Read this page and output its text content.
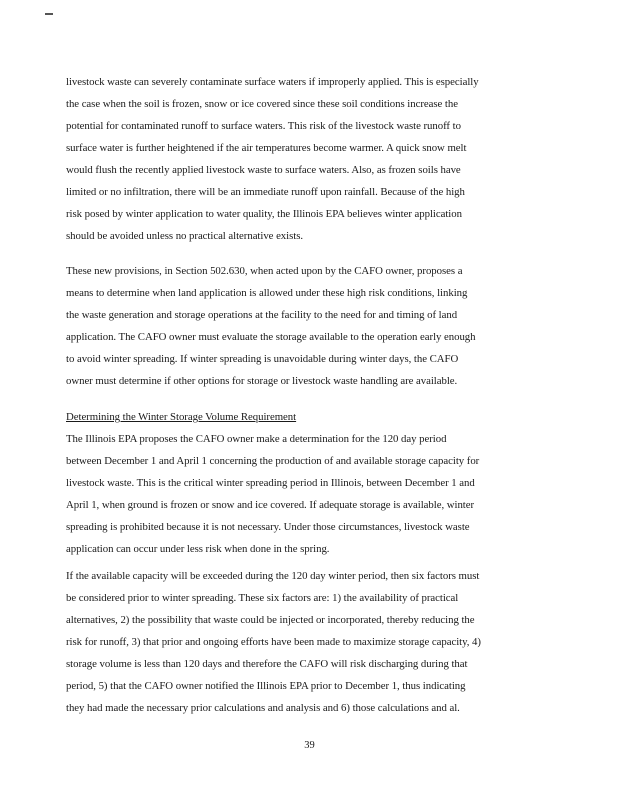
livestock waste can severely contaminate surface waters if improperly applied. This is especially
the case when the soil is frozen, snow or ice covered since these soil conditions increase the
potential for contaminated runoff to surface waters. This risk of the livestock waste runoff to
surface water is further heightened if the air temperatures become warmer. A quick snow melt
would flush the recently applied livestock waste to surface waters. Also, as frozen soils have
limited or no infiltration, there will be an immediate runoff upon rainfall. Because of the high
risk posed by winter application to water quality, the Illinois EPA believes winter application
should be avoided unless no practical alternative exists.
These new provisions, in Section 502.630, when acted upon by the CAFO owner, proposes a
means to determine when land application is allowed under these high risk conditions, linking
the waste generation and storage operations at the facility to the need for and timing of land
application. The CAFO owner must evaluate the storage available to the operation early enough
to avoid winter spreading. If winter spreading is unavoidable during winter days, the CAFO
owner must determine if other options for storage or livestock waste handling are available.
Determining the Winter Storage Volume Requirement
The Illinois EPA proposes the CAFO owner make a determination for the 120 day period
between December 1 and April 1 concerning the production of and available storage capacity for
livestock waste. This is the critical winter spreading period in Illinois, between December 1 and
April 1, when ground is frozen or snow and ice covered. If adequate storage is available, winter
spreading is prohibited because it is not necessary. Under those circumstances, livestock waste
application can occur under less risk when done in the spring.
If the available capacity will be exceeded during the 120 day winter period, then six factors must
be considered prior to winter spreading. These six factors are: 1) the availability of practical
alternatives, 2) the possibility that waste could be injected or incorporated, thereby reducing the
risk for runoff, 3) that prior and ongoing efforts have been made to maximize storage capacity, 4)
storage volume is less than 120 days and therefore the CAFO will risk discharging during that
period, 5) that the CAFO owner notified the Illinois EPA prior to December 1, thus indicating
they had made the necessary prior calculations and analysis and 6) those calculations and al.
39
